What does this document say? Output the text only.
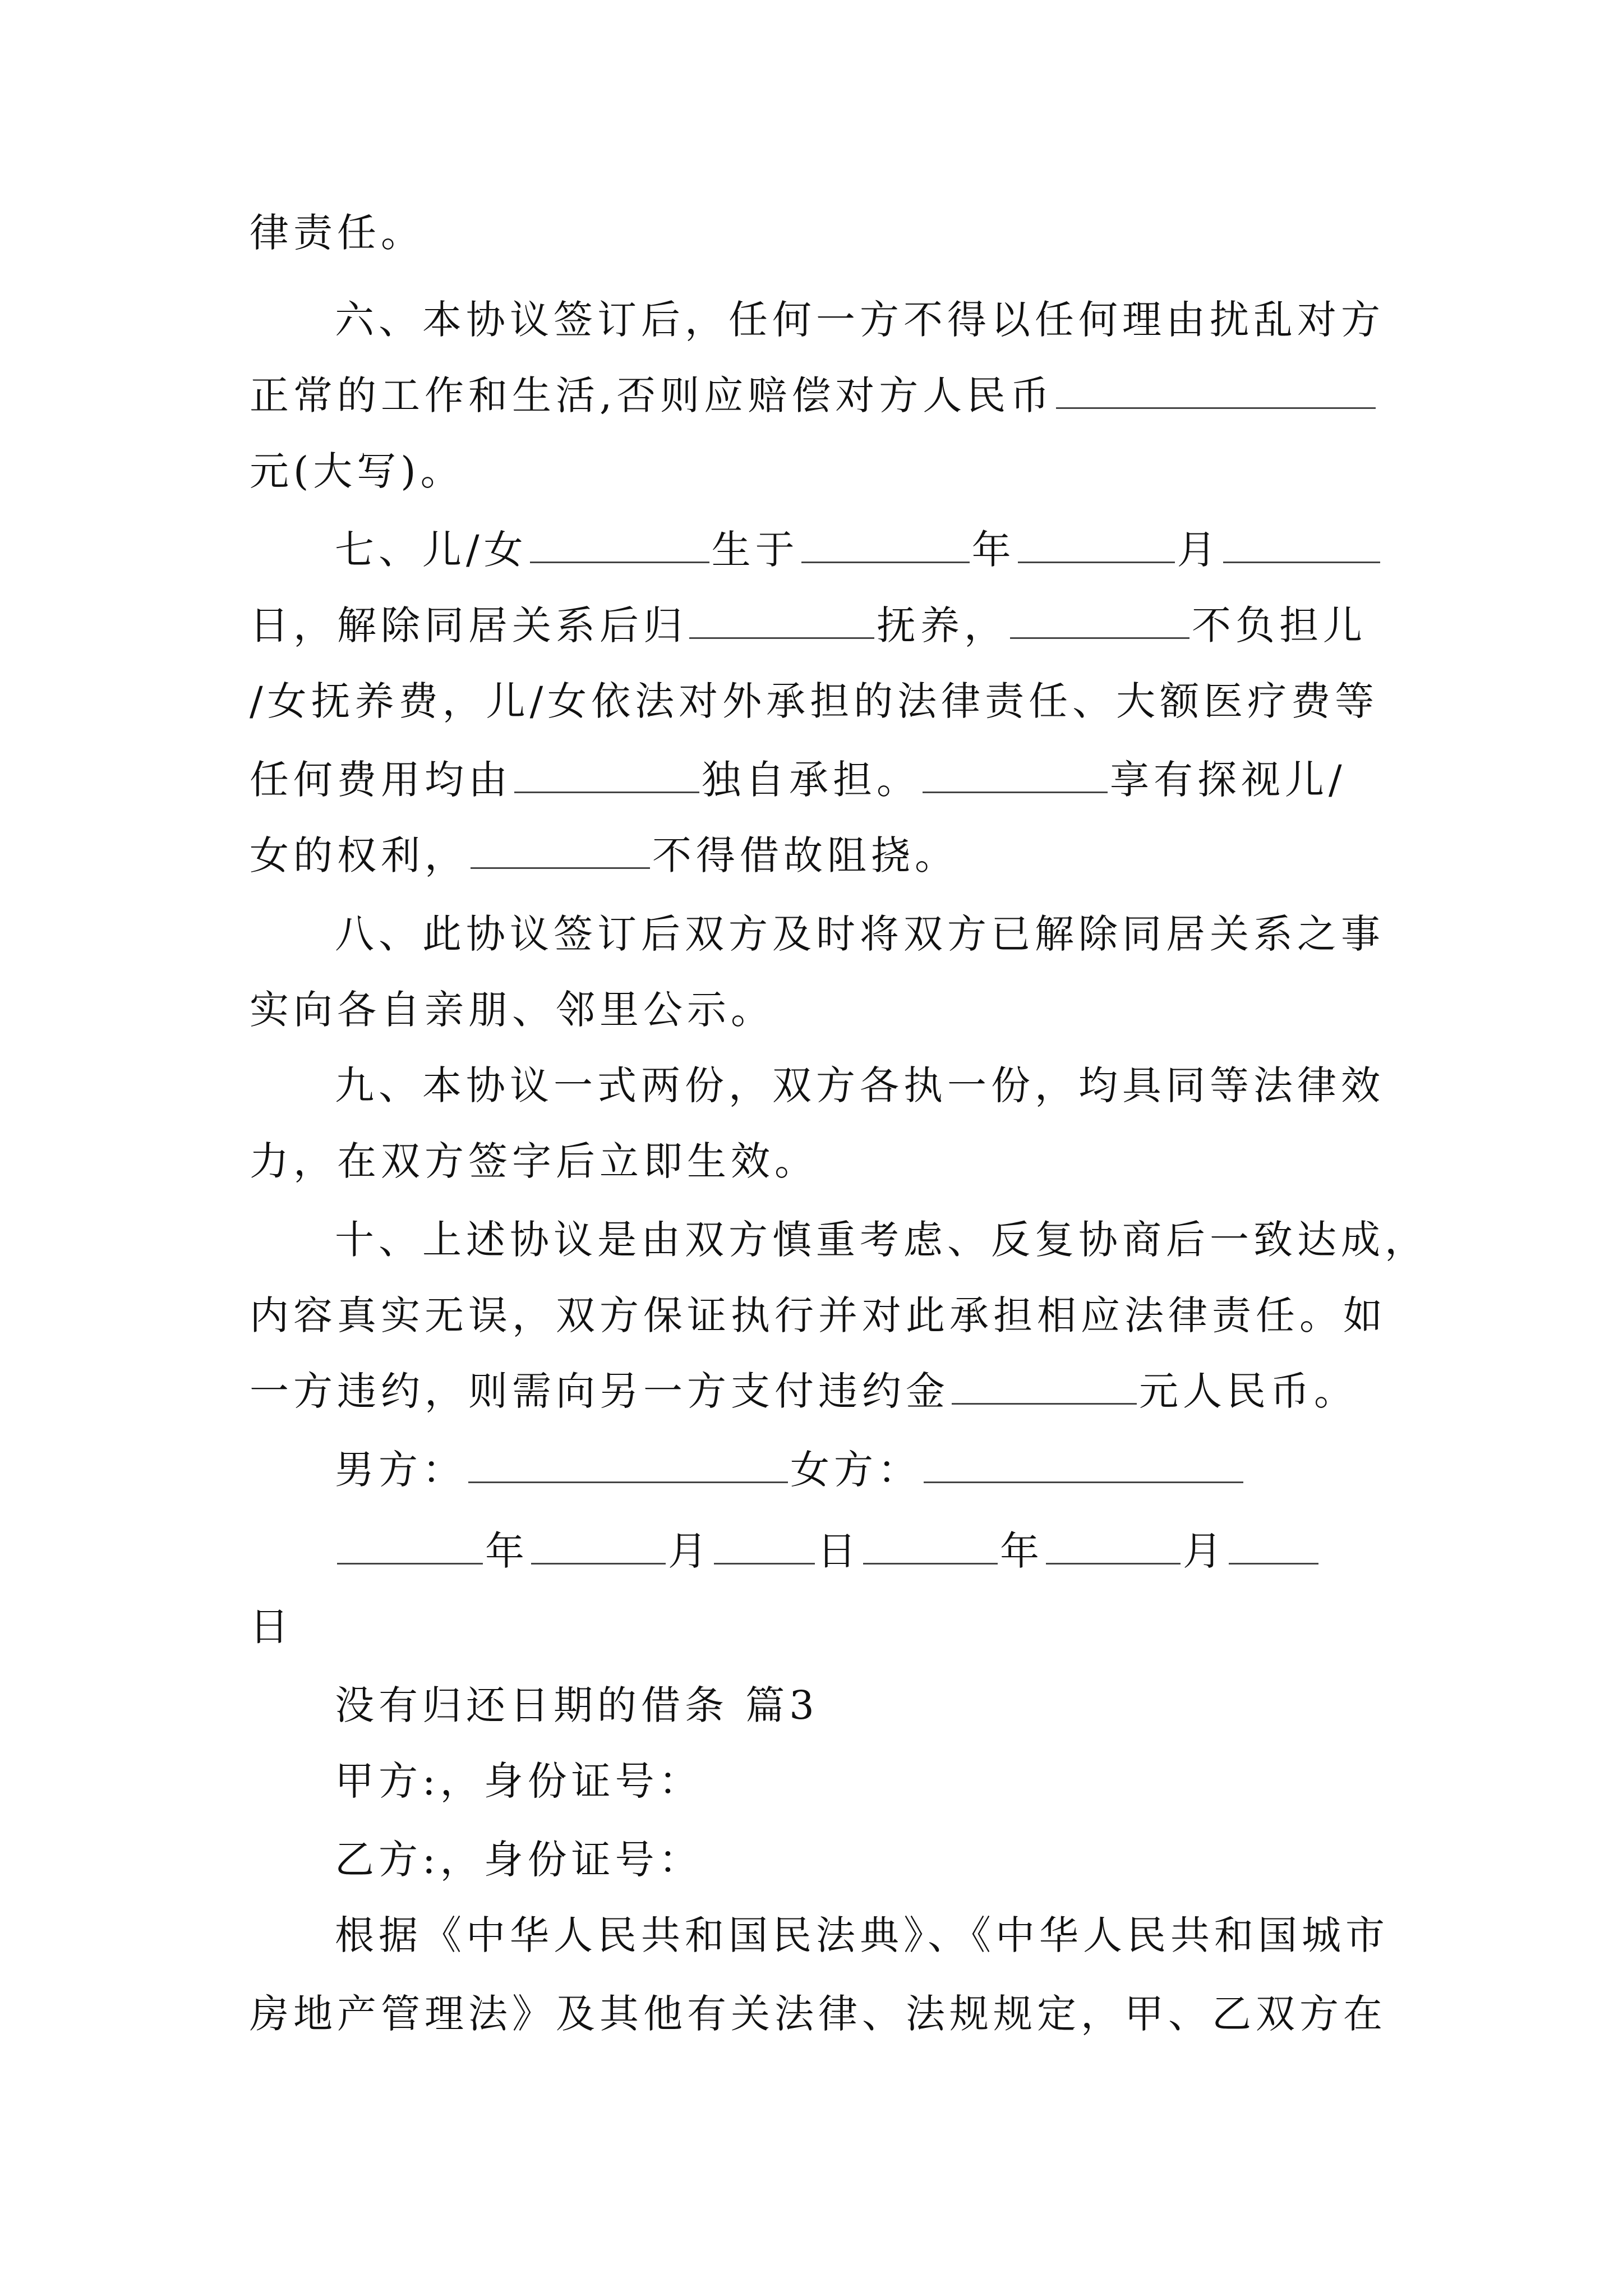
律责任。
六、本协议签订后，任何一方不得以任何理由扰乱对方
正常的工作和生活,否则应赔偿对方人民币
元(大写)。
七、儿/女	生于	年	月
日，解除同居关系后归	抚养，	不负担儿
/女抚养费，儿/女依法对外承担的法律责任、大额医疗费等
任何费用均由	独自承担。	享有探视儿/
女的权利，	不得借故阻挠。
八、此协议签订后双方及时将双方已解除同居关系之事
实向各自亲朋、邻里公示。
九、本协议一式两份，双方各执一份，均具同等法律效
力，在双方签字后立即生效。
十、上述协议是由双方慎重考虑、反复协商后一致达成，
内容真实无误，双方保证执行并对此承担相应法律责任。如
一方违约，则需向另一方支付违约金	元人民币。
男方：	女方：
年	月	日	年	月
日
没有归还日期的借条 篇3
甲方:，身份证号：
乙方:，身份证号：
根据《中华人民共和国民法典》、《中华人民共和国城市
房地产管理法》及其他有关法律、法规规定，甲、乙双方在
